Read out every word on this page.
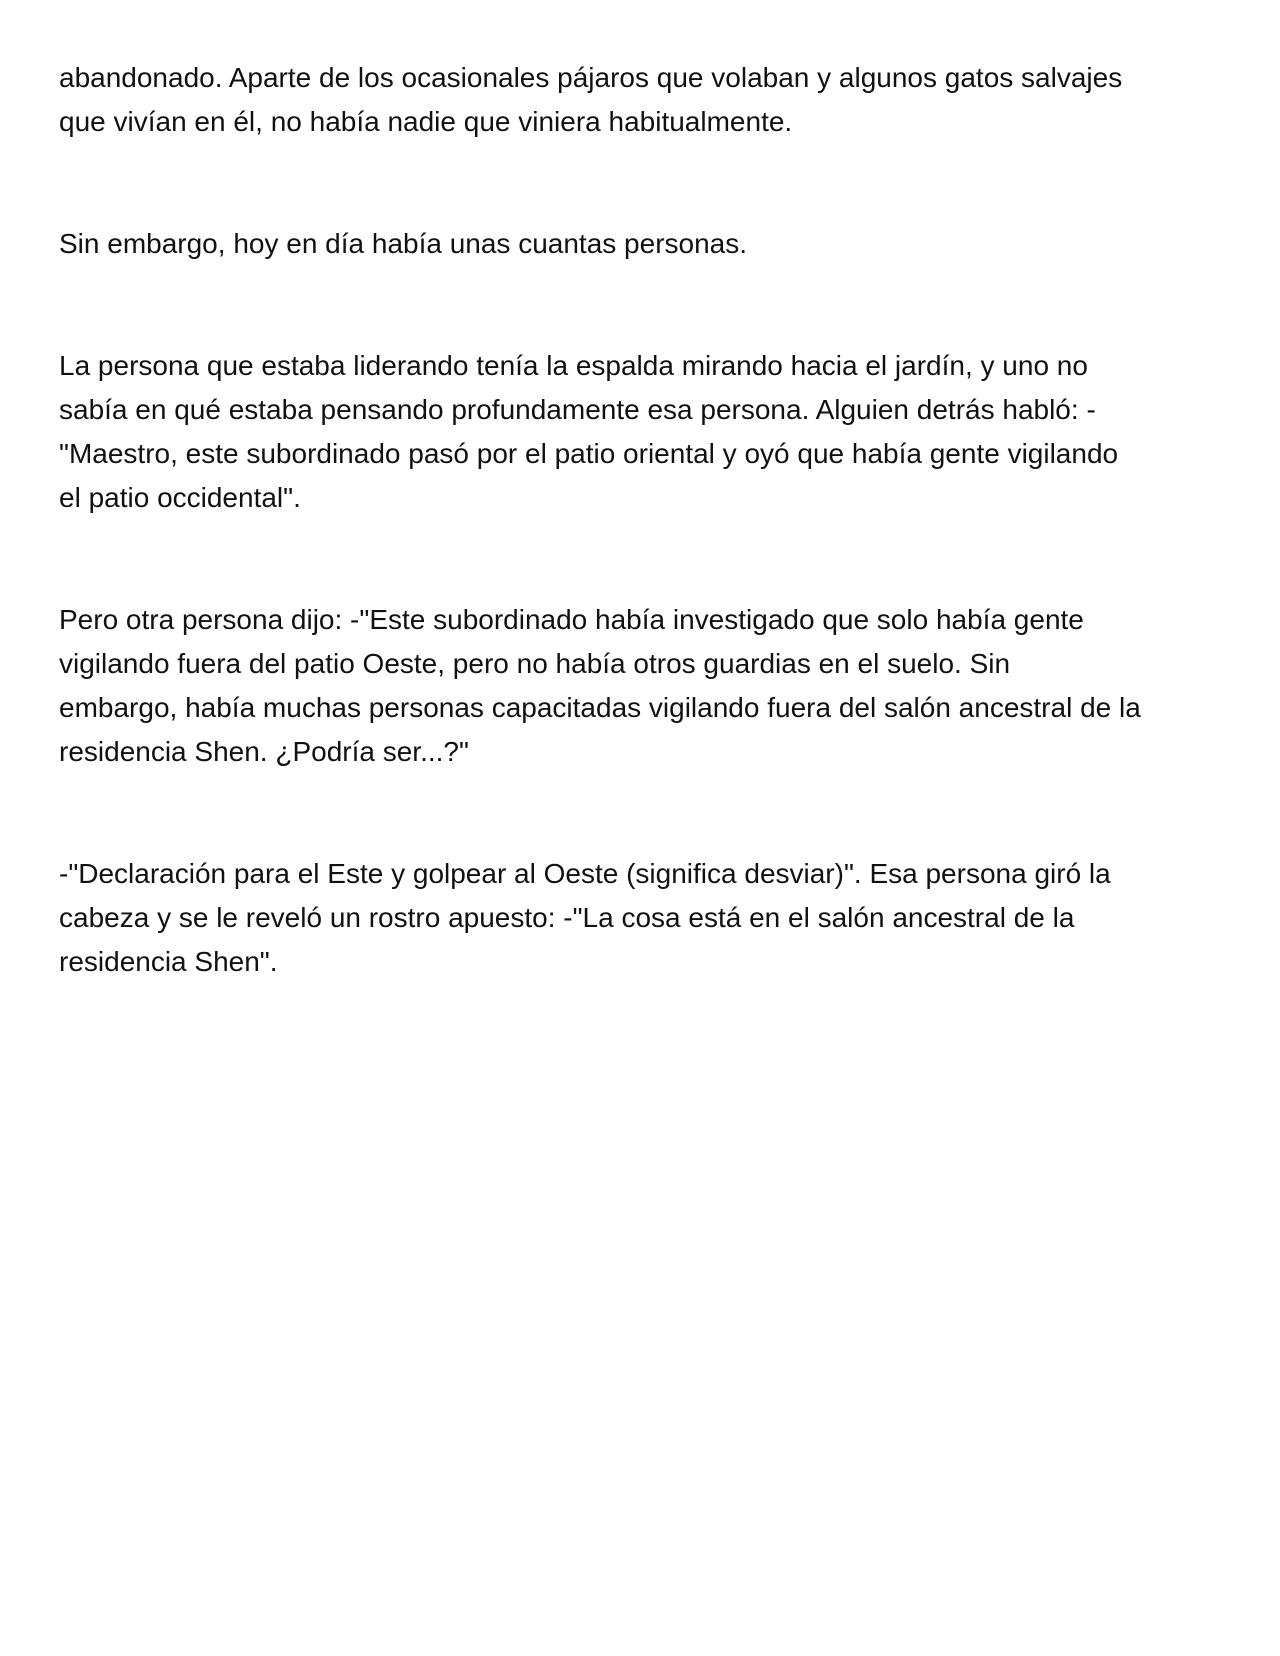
abandonado. Aparte de los ocasionales pájaros que volaban y algunos gatos salvajes
que vivían en él, no había nadie que viniera habitualmente.

Sin embargo, hoy en día había unas cuantas personas.

La persona que estaba liderando tenía la espalda mirando hacia el jardín, y uno no
sabía en qué estaba pensando profundamente esa persona. Alguien detrás habló: -
"Maestro, este subordinado pasó por el patio oriental y oyó que había gente vigilando
el patio occidental".

Pero otra persona dijo: -"Este subordinado había investigado que solo había gente
vigilando fuera del patio Oeste, pero no había otros guardias en el suelo. Sin
embargo, había muchas personas capacitadas vigilando fuera del salón ancestral de la
residencia Shen. ¿Podría ser...?"

-"Declaración para el Este y golpear al Oeste (significa desviar)". Esa persona giró la
cabeza y se le reveló un rostro apuesto: -"La cosa está en el salón ancestral de la
residencia Shen".
